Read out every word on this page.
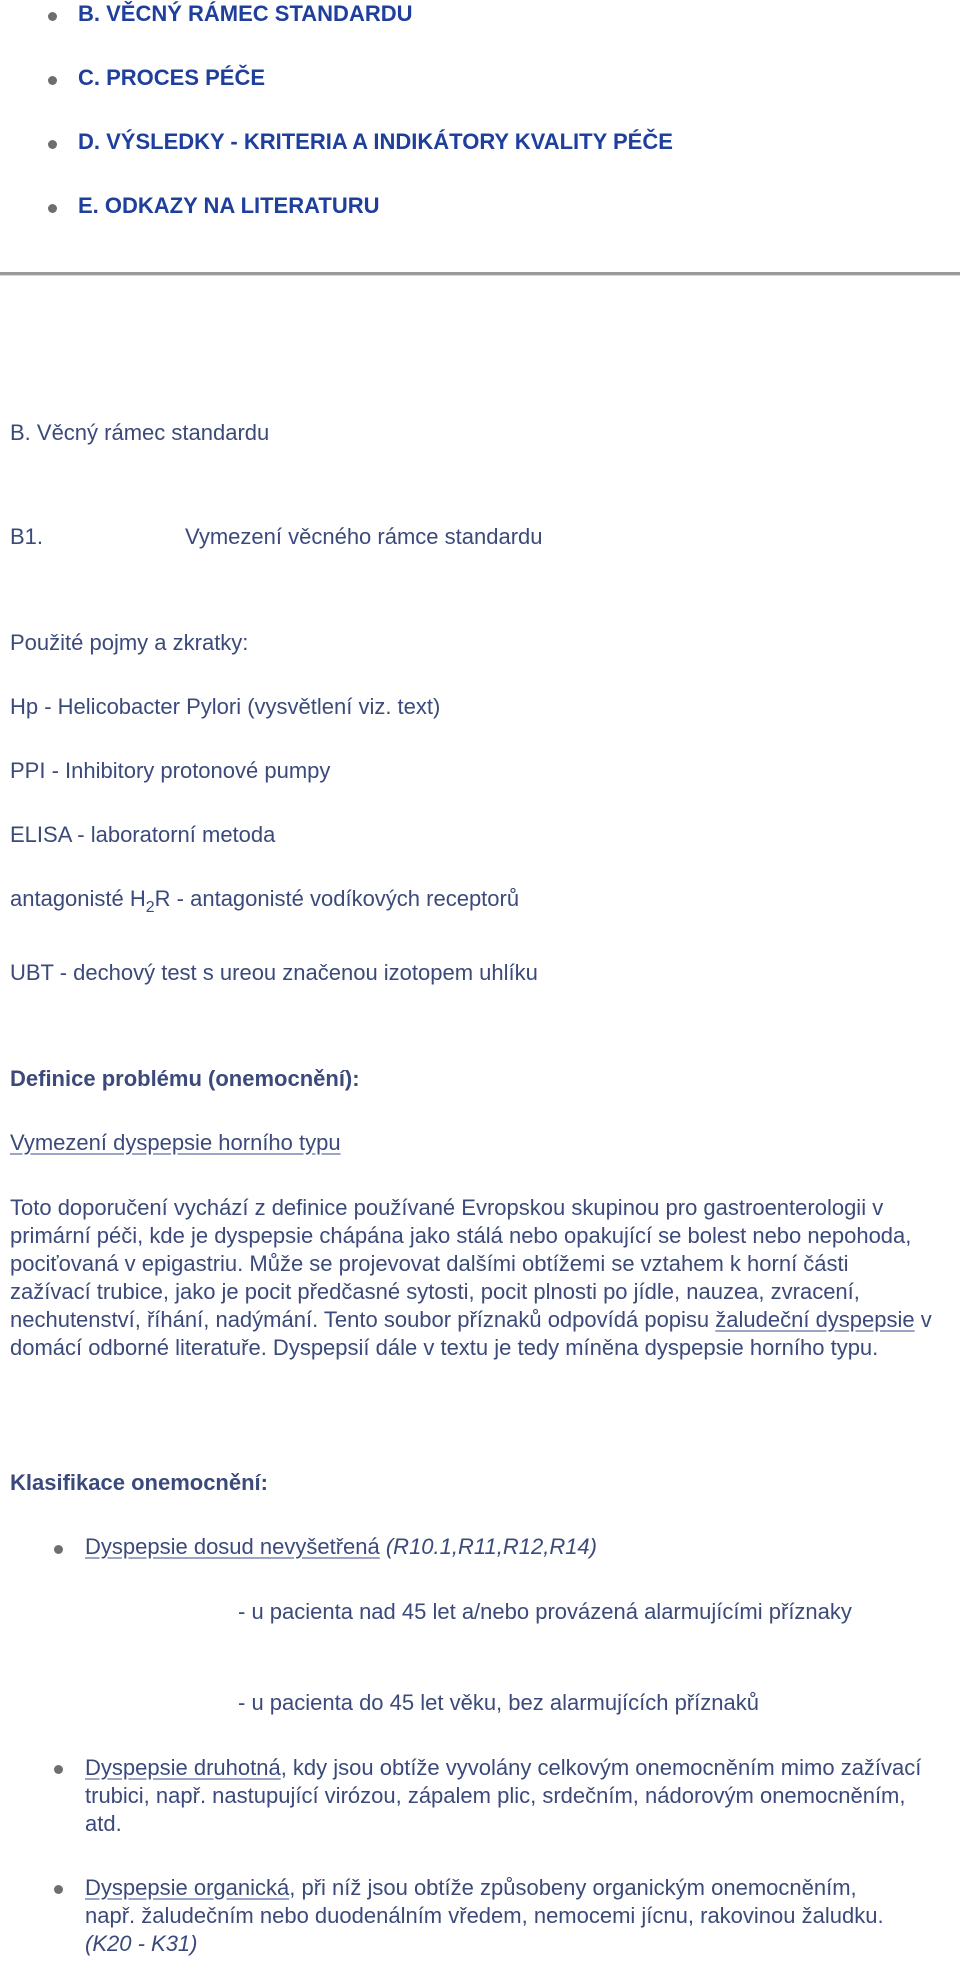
B. VĚCNÝ RÁMEC STANDARDU
C. PROCES PÉČE
D. VÝSLEDKY - KRITERIA A INDIKÁTORY KVALITY PÉČE
E. ODKAZY NA LITERATURU
B. Věcný rámec standardu
B1.	Vymezení věcného rámce standardu
Použité pojmy a zkratky:
Hp - Helicobacter Pylori (vysvětlení viz. text)
PPI - Inhibitory protonové pumpy
ELISA - laboratorní metoda
antagonisté $H_2R$ - antagonisté vodíkových receptorů
UBT - dechový test s ureou značenou izotopem uhlíku
Definice problému (onemocnění):
Vymezení dyspepsie horního typu
Toto doporučení vychází z definice používané Evropskou skupinou pro gastroenterologii v primární péči, kde je dyspepsie chápána jako stálá nebo opakující se bolest nebo nepohoda, pociťovaná v epigastriu. Může se projevovat dalšími obtížemi se vztahem k horní části zažívací trubice, jako je pocit předčasné sytosti, pocit plnosti po jídle, nauzea, zvracení, nechutenství, říhání, nadýmání. Tento soubor příznaků odpovídá popisu žaludeční dyspepsie v domácí odborné literatuře. Dyspepsií dále v textu je tedy míněna dyspepsie horního typu.
Klasifikace onemocnění:
Dyspepsie dosud nevyšetřená (R10.1,R11,R12,R14)
- u pacienta nad 45 let a/nebo provázená alarmujícími příznaky
- u pacienta do 45 let věku, bez alarmujících příznaků
Dyspepsie druhotná, kdy jsou obtíže vyvolány celkovým onemocněním mimo zažívací trubici, např. nastupující virózou, zápalem plic, srdečním, nádorovým onemocněním, atd.
Dyspepsie organická, při níž jsou obtíže způsobeny organickým onemocněním, např. žaludečním nebo duodenálním vředem, nemocemi jícnu, rakovinou žaludku. (K20 - K31)
